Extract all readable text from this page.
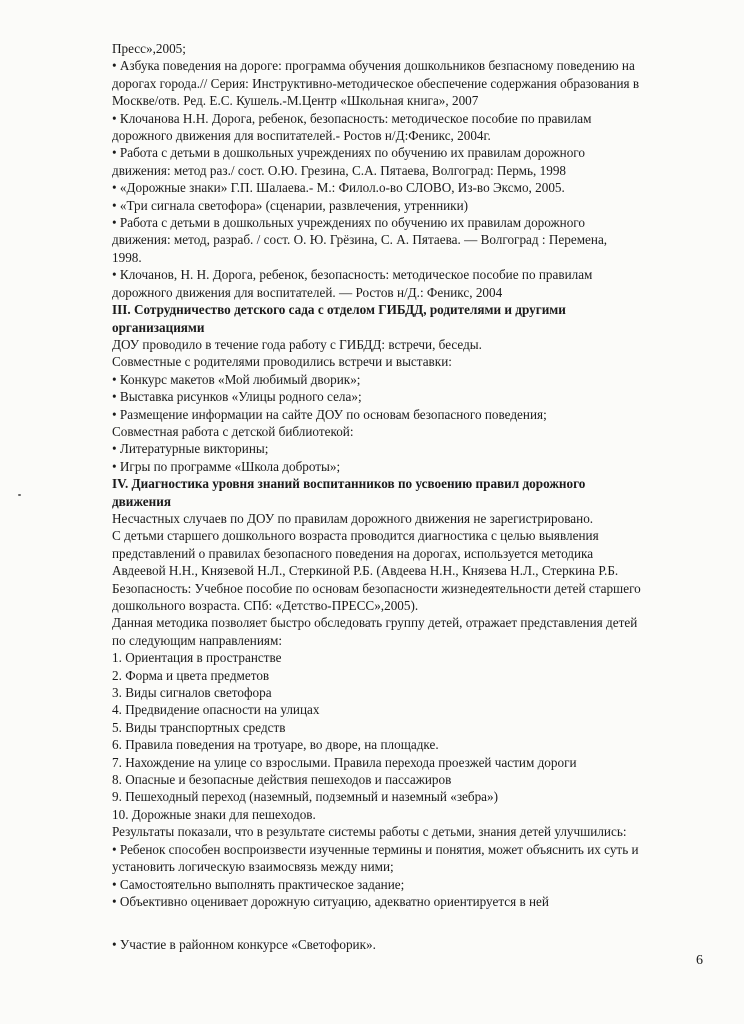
Пресс»,2005;

• Азбука поведения на дороге: программа обучения дошкольников безпасному поведению на

дорогах города.// Серия: Инструктивно-методическое обеспечение содержания образования в

Москве/отв. Ред. Е.С. Кушель.-М.Центр «Школьная книга», 2007

• Клочанова Н.Н. Дорога, ребенок, безопасность: методическое пособие по правилам

дорожного движения для воспитателей.- Ростов н/Д:Феникс, 2004г.

• Работа с детьми в дошкольных учреждениях по обучению их правилам дорожного

движения: метод раз./ сост. О.Ю. Грезина, С.А. Пятаева, Волгоград: Пермь, 1998

• «Дорожные знаки» Г.П. Шалаева.- М.: Филол.о-во СЛОВО, Из-во Эксмо, 2005.

• «Три сигнала светофора» (сценарии, развлечения, утренники)

• Работа с детьми в дошкольных учреждениях по обучению их правилам дорожного

движения: метод, разраб. / сост. О. Ю. Грёзина, С. А. Пятаева. — Волгоград : Перемена,

1998.

• Клочанов, Н. Н. Дорога, ребенок, безопасность: методическое пособие по правилам

дорожного движения для воспитателей. — Ростов н/Д.: Феникс, 2004

III. Сотрудничество детского сада с отделом ГИБДД, родителями и другими

организациями

ДОУ проводило в течение года работу с ГИБДД: встречи, беседы.

Совместные с родителями проводились встречи и выставки:

• Конкурс макетов «Мой любимый дворик»;

• Выставка рисунков «Улицы родного села»;

• Размещение информации на сайте ДОУ по основам безопасного поведения;

Совместная работа с детской библиотекой:

• Литературные викторины;

• Игры по программе «Школа доброты»;

IV. Диагностика уровня знаний воспитанников по усвоению правил дорожного

движения

Несчастных случаев по ДОУ по правилам дорожного движения не зарегистрировано.

С детьми старшего дошкольного возраста проводится диагностика с целью выявления

представлений о правилах безопасного поведения на дорогах, используется методика

Авдеевой Н.Н., Князевой Н.Л., Стеркиной Р.Б. (Авдеева Н.Н., Князева Н.Л., Стеркина Р.Б.

Безопасность: Учебное пособие по основам безопасности жизнедеятельности детей старшего

дошкольного возраста. СПб: «Детство-ПРЕСС»,2005).

Данная методика позволяет быстро обследовать группу детей, отражает представления детей

по следующим направлениям:

1. Ориентация в пространстве

2. Форма и цвета предметов

3. Виды сигналов светофора

4. Предвидение опасности на улицах

5. Виды транспортных средств

6. Правила поведения на тротуаре, во дворе, на площадке.

7. Нахождение на улице со взрослыми. Правила перехода проезжей частим дороги

8. Опасные и безопасные действия пешеходов и пассажиров

9. Пешеходный переход (наземный, подземный и наземный «зебра»)

10. Дорожные знаки для пешеходов.

Результаты показали, что в результате системы работы с детьми, знания детей улучшились:

• Ребенок способен воспроизвести изученные термины и понятия, может объяснить их суть и

установить логическую взаимосвязь между ними;

• Самостоятельно выполнять практическое задание;

• Объективно оценивает дорожную ситуацию, адекватно ориентируется в ней

• Участие в районном конкурсе «Светофорик».

6
